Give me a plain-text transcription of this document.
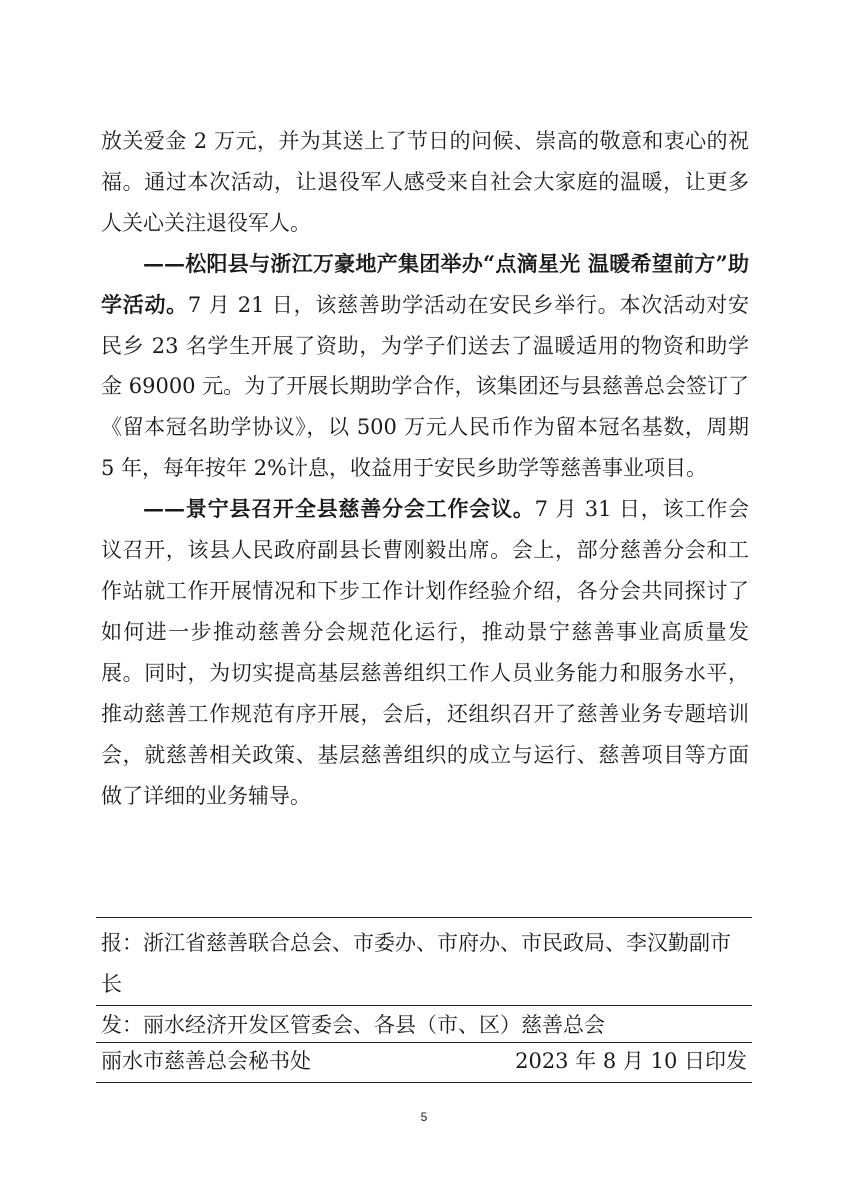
放关爱金 2 万元，并为其送上了节日的问候、崇高的敬意和衷心的祝福。通过本次活动，让退役军人感受来自社会大家庭的温暖，让更多人关心关注退役军人。

——松阳县与浙江万豪地产集团举办“点滴星光 温暖希望前方”助学活动。7 月 21 日，该慈善助学活动在安民乡举行。本次活动对安民乡 23 名学生开展了资助，为学子们送去了温暖适用的物资和助学金 69000 元。为了开展长期助学合作，该集团还与县慈善总会签订了《留本冠名助学协议》，以 500 万元人民币作为留本冠名基数，周期 5 年，每年按年 2%计息，收益用于安民乡助学等慈善事业项目。

——景宁县召开全县慈善分会工作会议。7 月 31 日，该工作会议召开，该县人民政府副县长曹刚毅出席。会上，部分慈善分会和工作站就工作开展情况和下步工作计划作经验介绍，各分会共同探讨了如何进一步推动慈善分会规范化运行，推动景宁慈善事业高质量发展。同时，为切实提高基层慈善组织工作人员业务能力和服务水平，推动慈善工作规范有序开展，会后，还组织召开了慈善业务专题培训会，就慈善相关政策、基层慈善组织的成立与运行、慈善项目等方面做了详细的业务辅导。

报：浙江省慈善联合总会、市委办、市府办、市民政局、李汉勤副市长
发：丽水经济开发区管委会、各县（市、区）慈善总会
丽水市慈善总会秘书处	2023 年 8 月 10 日印发
5
